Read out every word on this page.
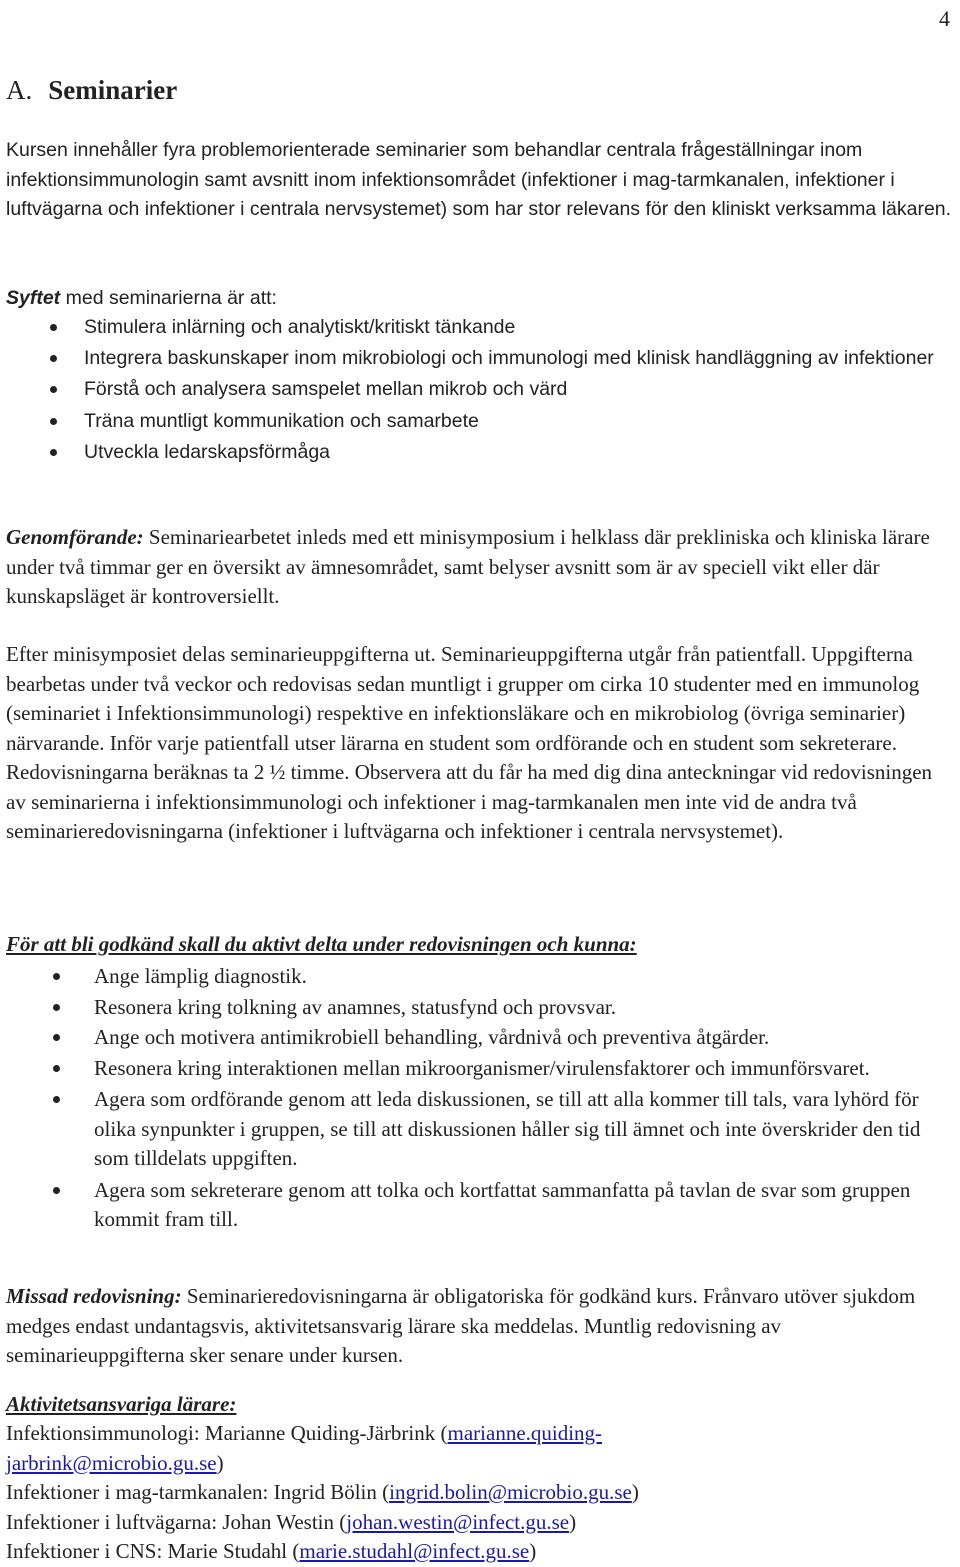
4
A. Seminarier

Kursen innehåller fyra problemorienterade seminarier som behandlar centrala frågeställningar inom infektionsimmunologin samt avsnitt inom infektionsområdet (infektioner i mag-tarmkanalen, infektioner i luftvägarna och infektioner i centrala nervsystemet) som har stor relevans för den kliniskt verksamma läkaren.

Syftet med seminarierna är att:

Stimulera inlärning och analytiskt/kritiskt tänkande
Integrera baskunskaper inom mikrobiologi och immunologi med klinisk handläggning av infektioner
Förstå och analysera samspelet mellan mikrob och värd
Träna muntligt kommunikation och samarbete
Utveckla ledarskapsförmåga

Genomförande: Seminariearbetet inleds med ett minisymposium i helklass där prekliniska och kliniska lärare under två timmar ger en översikt av ämnesområdet, samt belyser avsnitt som är av speciell vikt eller där kunskapsläget är kontroversiellt.

Efter minisymposiet delas seminarieuppgifterna ut. Seminarieuppgifterna utgår från patientfall. Uppgifterna bearbetas under två veckor och redovisas sedan muntligt i grupper om cirka 10 studenter med en immunolog (seminariet i Infektionsimmunologi) respektive en infektionsläkare och en mikrobiolog (övriga seminarier) närvarande. Inför varje patientfall utser lärarna en student som ordförande och en student som sekreterare. Redovisningarna beräknas ta 2 ½ timme. Observera att du får ha med dig dina anteckningar vid redovisningen av seminarierna i infektionsimmunologi och infektioner i mag-tarmkanalen men inte vid de andra två seminarieredovisningarna (infektioner i luftvägarna och infektioner i centrala nervsystemet).

För att bli godkänd skall du aktivt delta under redovisningen och kunna:

Ange lämplig diagnostik.
Resonera kring tolkning av anamnes, statusfynd och provsvar.
Ange och motivera antimikrobiell behandling, vårdnivå och preventiva åtgärder.
Resonera kring interaktionen mellan mikroorganismer/virulensfaktorer och immunförsvaret.
Agera som ordförande genom att leda diskussionen, se till att alla kommer till tals, vara lyhörd för olika synpunkter i gruppen, se till att diskussionen håller sig till ämnet och inte överskrider den tid som tilldelats uppgiften.
Agera som sekreterare genom att tolka och kortfattat sammanfatta på tavlan de svar som gruppen kommit fram till.

Missad redovisning: Seminarieredovisningarna är obligatoriska för godkänd kurs. Frånvaro utöver sjukdom medges endast undantagsvis, aktivitetsansvarig lärare ska meddelas. Muntlig redovisning av seminarieuppgifterna sker senare under kursen.

Aktivitetsansvariga lärare:

Infektionsimmunologi: Marianne Quiding-Järbrink (marianne.quiding-
jarbrink@microbio.gu.se)
Infektioner i mag-tarmkanalen: Ingrid Bölin (ingrid.bolin@microbio.gu.se)
Infektioner i luftvägarna: Johan Westin (johan.westin@infect.gu.se)
Infektioner i CNS: Marie Studahl (marie.studahl@infect.gu.se)
